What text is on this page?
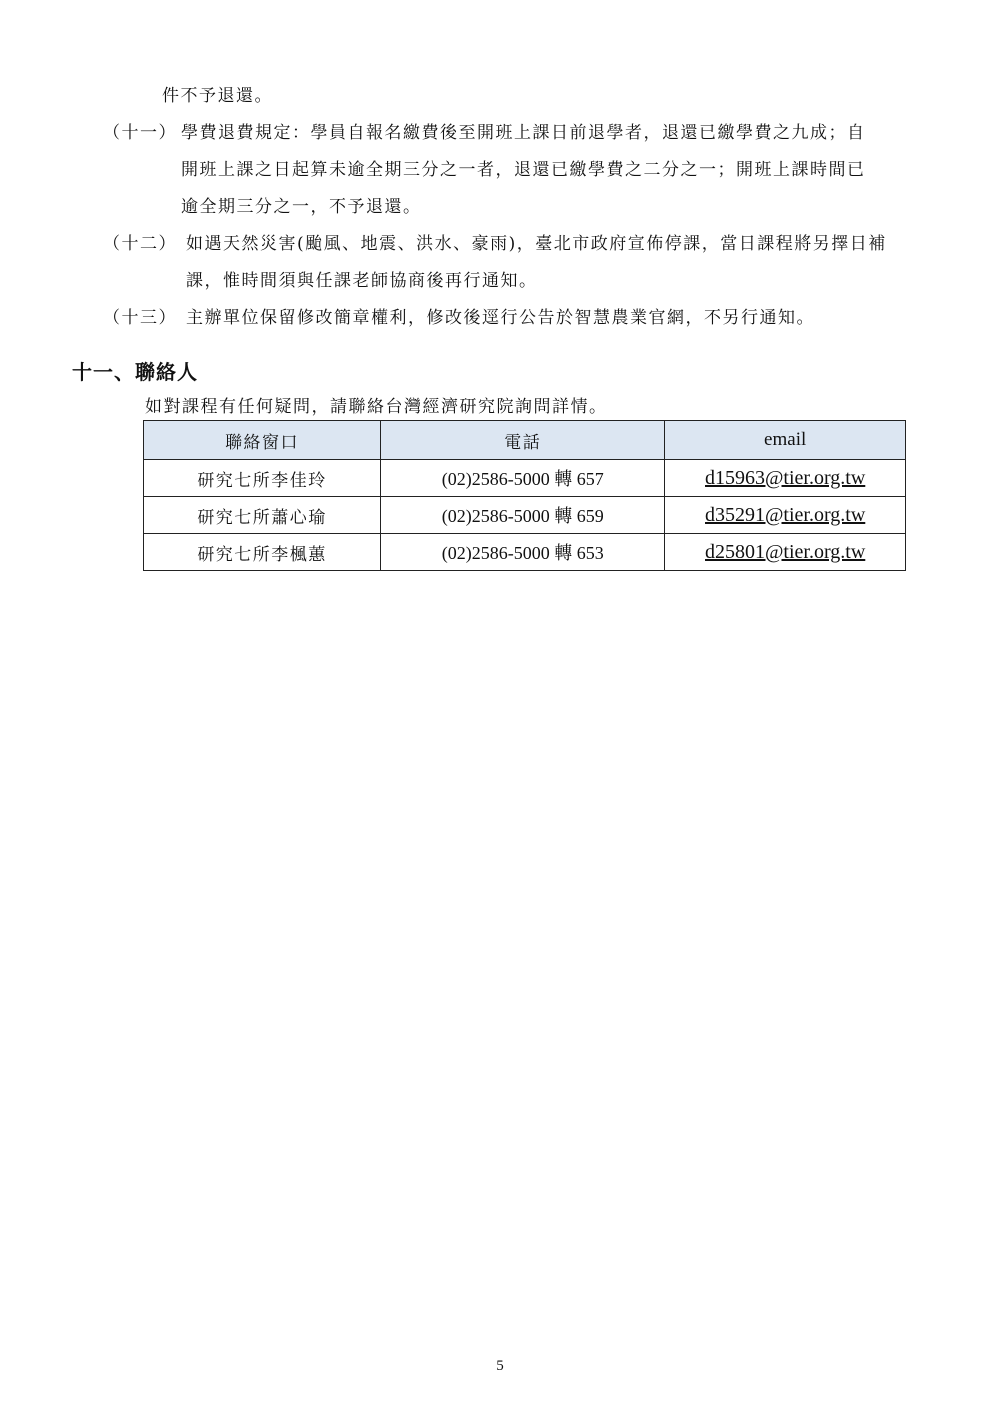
件不予退還。
（十一） 學費退費規定：學員自報名繳費後至開班上課日前退學者，退還已繳學費之九成；自
開班上課之日起算未逾全期三分之一者，退還已繳學費之二分之一；開班上課時間已
逾全期三分之一，不予退還。
（十二） 如遇天然災害(颱風、地震、洪水、豪雨)，臺北市政府宣佈停課，當日課程將另擇日補
課，惟時間須與任課老師協商後再行通知。
（十三） 主辦單位保留修改簡章權利，修改後逕行公告於智慧農業官網，不另行通知。
十一、聯絡人
如對課程有任何疑問，請聯絡台灣經濟研究院詢問詳情。
聯絡窗口	電話	email
研究七所李佳玲	(02)2586-5000 轉 657	d15963@tier.org.tw
研究七所蕭心瑜	(02)2586-5000 轉 659	d35291@tier.org.tw
研究七所李楓蕙	(02)2586-5000 轉 653	d25801@tier.org.tw
5
